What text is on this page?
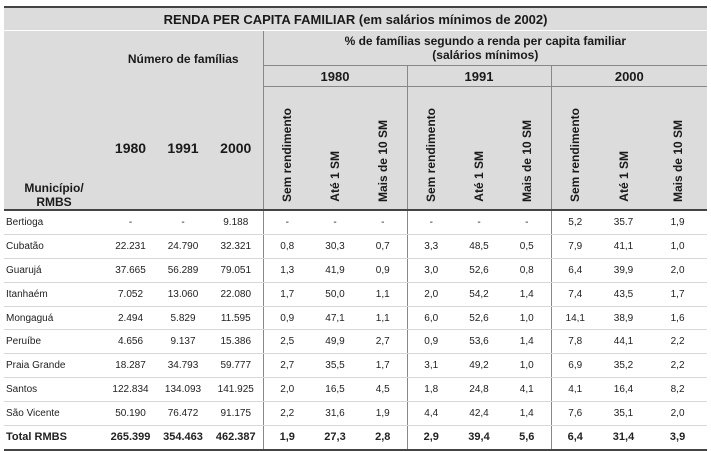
RENDA PER CAPITA FAMILIAR (em salários mínimos de 2002)												
Município/
RMBS	Número de famílias			% de famílias segundo a renda per capita familiar								
				(salários mínimos)								
				1980			1991			2000		
	1980	1991	2000	Sem rendimento	Até 1 SM	Mais de 10 SM	Sem rendimento	Até 1 SM	Mais de 10 SM	Sem rendimento	Até 1 SM	Mais de 10 SM
Bertioga	-	-	9.188	-	-	-	-	-	-	5,2	35.7	1,9
Cubatão	22.231	24.790	32.321	0,8	30,3	0,7	3,3	48,5	0,5	7,9	41,1	1,0
Guarujá	37.665	56.289	79.051	1,3	41,9	0,9	3,0	52,6	0,8	6,4	39,9	2,0
Itanhaém	7.052	13.060	22.080	1,7	50,0	1,1	2,0	54,2	1,4	7,4	43,5	1,7
Mongaguá	2.494	5.829	11.595	0,9	47,1	1,1	6,0	52,6	1,0	14,1	38,9	1,6
Peruíbe	4.656	9.137	15.386	2,5	49,9	2,7	0,9	53,6	1,4	7,8	44,1	2,2
Praia Grande	18.287	34.793	59.777	2,7	35,5	1,7	3,1	49,2	1,0	6,9	35,2	2,2
Santos	122.834	134.093	141.925	2,0	16,5	4,5	1,8	24,8	4,1	4,1	16,4	8,2
São Vicente	50.190	76.472	91.175	2,2	31,6	1,9	4,4	42,4	1,4	7,6	35,1	2,0
Total RMBS	265.399	354.463	462.387	1,9	27,3	2,8	2,9	39,4	5,6	6,4	31,4	3,9
